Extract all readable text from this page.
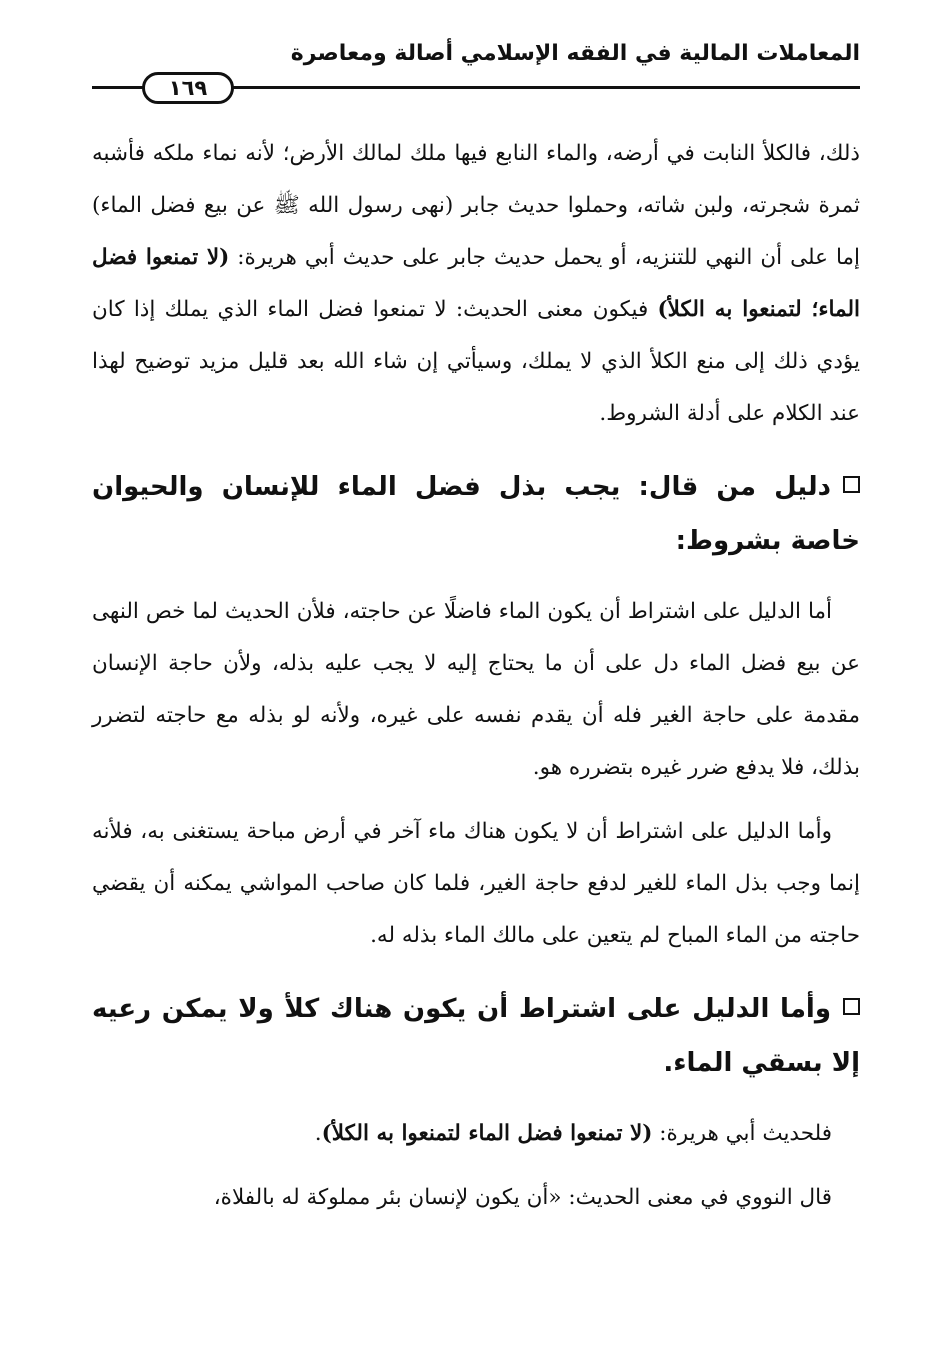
المعاملات المالية في الفقه الإسلامي أصالة ومعاصرة
١٦٩

ذلك، فالكلأ النابت في أرضه، والماء النابع فيها ملك لمالك الأرض؛ لأنه نماء ملكه فأشبه ثمرة شجرته، ولبن شاته، وحملوا حديث جابر (نهى رسول الله ﷺ عن بيع فضل الماء) إما على أن النهي للتنزيه، أو يحمل حديث جابر على حديث أبي هريرة: (لا تمنعوا فضل الماء؛ لتمنعوا به الكلأ) فيكون معنى الحديث: لا تمنعوا فضل الماء الذي يملك إذا كان يؤدي ذلك إلى منع الكلأ الذي لا يملك، وسيأتي إن شاء الله بعد قليل مزيد توضيح لهذا عند الكلام على أدلة الشروط.

دليل من قال: يجب بذل فضل الماء للإنسان والحيوان خاصة بشروط:

أما الدليل على اشتراط أن يكون الماء فاضلًا عن حاجته، فلأن الحديث لما خص النهى عن بيع فضل الماء دل على أن ما يحتاج إليه لا يجب عليه بذله، ولأن حاجة الإنسان مقدمة على حاجة الغير فله أن يقدم نفسه على غيره، ولأنه لو بذله مع حاجته لتضرر بذلك، فلا يدفع ضرر غيره بتضرره هو.

وأما الدليل على اشتراط أن لا يكون هناك ماء آخر في أرض مباحة يستغنى به، فلأنه إنما وجب بذل الماء للغير لدفع حاجة الغير، فلما كان صاحب المواشي يمكنه أن يقضي حاجته من الماء المباح لم يتعين على مالك الماء بذله له.

وأما الدليل على اشتراط أن يكون هناك كلأ ولا يمكن رعيه إلا بسقي الماء.

فلحديث أبي هريرة: (لا تمنعوا فضل الماء لتمنعوا به الكلأ).

قال النووي في معنى الحديث: «أن يكون لإنسان بئر مملوكة له بالفلاة،
